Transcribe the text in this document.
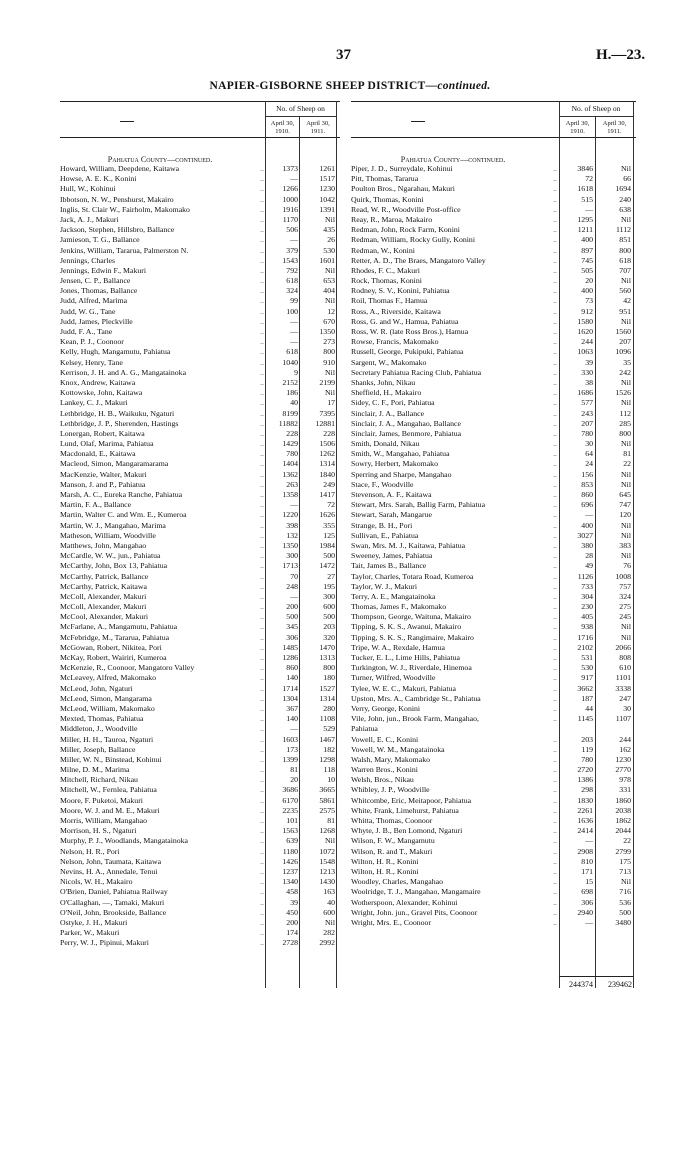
37	H.—23.
NAPIER-GISBORNE SHEEP DISTRICT—continued.
No. of Sheep on
April 30, 1910.
April 30, 1911.
Pahiatua County—continued.
Howard, William, Deepdene, Kaitawa	1373	1261
..
Howse, A. E. K., Konini	—	1517
..
Hull, W., Kohinui	1266	1230
..
Ibbotson, N. W., Penshurst, Makairo	1000	1042
..
Inglis, St. Clair W., Fairholm, Makomako	1916	1391
..
Jack, A. J., Makuri	1170	Nil
..
Jackson, Stephen, Hillsbro, Ballance	506	435
..
Jamieson, T. G., Ballance	—	26
..
Jenkins, William, Tararua, Palmerston N.	379	530
..
Jennings, Charles	1543	1601
..
Jennings, Edwin F., Makuri	792	Nil
..
Jensen, C. P., Ballance	618	653
..
Jones, Thomas, Ballance	324	404
..
Judd, Alfred, Marima	99	Nil
..
Judd, W. G., Tane	100	12
..
Judd, James, Pleckville	—	670
..
Judd, F. A., Tane	—	1350
..
Kean, P. J., Coonoor	—	273
..
Kelly, Hugh, Mangamutu, Pahiatua	618	800
..
Kelsey, Henry, Tane	1040	910
..
Kerrison, J. H. and A. G., Mangatainoka	9	Nil
..
Knox, Andrew, Kaitawa	2152	2199
..
Kottowske, John, Kaitawa	186	Nil
..
Lankey, C. J., Makuri	40	17
..
Lethbridge, H. B., Waikuku, Ngaturi	8199	7395
..
Lethbridge, J. P., Sherenden, Hastings	11882	12881
..
Lonergan, Robert, Kaitawa	228	228
..
Lund, Olaf, Marima, Pahiatua	1429	1506
..
Macdonald, E., Kaitawa	780	1262
..
Macleod, Simon, Mangaramarama	1404	1314
..
MacKenzie, Walter, Makuri	1362	1840
..
Manson, J. and P., Pahiatua	263	249
..
Marsh, A. C., Eureka Ranche, Pahiatua	1358	1417
..
Martin, F. A., Ballance	—	72
..
Martin, Walter C. and Wm. E., Kumeroa	1220	1626
..
Martin, W. J., Mangahao, Marima	398	355
..
Matheson, William, Woodville	132	125
..
Matthews, John, Mangahao	1350	1984
..
McCardle, W. W., jun., Pahiatua	300	500
..
McCarthy, John, Box 13, Pahiatua	1713	1472
..
McCarthy, Patrick, Ballance	70	27
..
McCarthy, Patrick, Kaitawa	248	195
..
McColl, Alexander, Makuri	—	300
..
McColl, Alexander, Makuri	200	600
..
McCool, Alexander, Makuri	500	500
..
McFarlane, A., Mangamutu, Pahiatua	345	203
..
McFebridge, M., Tararua, Pahiatua	306	320
..
McGowan, Robert, Nikitea, Pori	1485	1470
..
McKay, Robert, Wairiri, Kumeroa	1286	1313
..
McKenzie, R., Coonoor, Mangatoro Valley	860	800
..
McLeavey, Alfred, Makomako	140	180
..
McLeod, John, Ngaturi	1714	1527
..
McLeod, Simon, Mangarama	1304	1314
..
McLeod, William, Makomako	367	280
..
Mexted, Thomas, Pahiatua	140	1108
..
Middleton, J., Woodville	—	529
..
Miller, H. H., Tauroa, Ngaturi	1603	1467
..
Miller, Joseph, Ballance	173	182
..
Miller, W. N., Binstead, Kohinui	1399	1298
..
Milne, D. M., Marima	81	118
..
Mitchell, Richard, Nikau	20	10
..
Mitchell, W., Fernlea, Pahiatua	3686	3665
..
Moore, F. Puketoi, Makuri	6170	5861
..
Moore, W. J. and M. E., Makuri	2235	2575
..
Morris, William, Mangahao	101	81
..
Morrison, H. S., Ngaturi	1563	1268
..
Murphy, P. J., Woodlands, Mangatainoka	639	Nil
..
Nelson, H. R., Pori	1180	1072
..
Nelson, John, Taumata, Kaitawa	1426	1548
..
Nevins, H. A., Annedale, Tenui	1237	1213
..
Nicols, W. H., Makairo	1340	1430
..
O'Brien, Daniel, Pahiatua Railway	458	163
..
O'Callaghan, —, Tamaki, Makuri	39	40
..
O'Neil, John, Brookside, Ballance	450	600
..
Ostyke, J. H., Makuri	200	Nil
..
Parker, W., Makuri	174	282
..
Perry, W. J., Pipinui, Makuri	2728	2992
..
No. of Sheep on
April 30, 1910.
April 30, 1911.
Pahiatua County—continued.
Piper, J. D., Surreydale, Kohinui	3846	Nil
..
Pitt, Thomas, Tararua	72	66
..
Poulton Bros., Ngarahau, Makuri	1618	1694
..
Quirk, Thomas, Konini	515	240
..
Read, W. R., Woodville Post-office	—	638
..
Reay, R., Maroa, Makairo	1295	Nil
..
Redman, John, Rock Farm, Konini	1211	1112
..
Redman, William, Rocky Gully, Konini	400	851
..
Redman, W., Konini	897	800
..
Retter, A. D., The Braes, Mangatoro Valley	745	618
..
Rhodes, F. C., Makuri	505	707
..
Rock, Thomas, Konini	20	Nil
..
Rodney, S. V., Konini, Pahiatua	400	560
..
Roil, Thomas F., Hamua	73	42
..
Ross, A., Riverside, Kaitawa	912	951
..
Ross, G. and W., Hamua, Pahiatua	1580	Nil
..
Ross, W. R. (late Ross Bros.), Hamua	1620	1560
..
Rowse, Francis, Makomako	244	207
..
Russell, George, Pukipuki, Pahiatua	1063	1096
..
Sargent, W., Makomako	39	35
..
Secretary Pahiatua Racing Club, Pahiatua	330	242
..
Shanks, John, Nikau	38	Nil
..
Sheffield, H., Makairo	1686	1526
..
Sidey, C. F., Pori, Pahiatua	577	Nil
..
Sinclair, J. A., Ballance	243	112
..
Sinclair, J. A., Mangahao, Ballance	207	285
..
Sinclair, James, Benmore, Pahiatua	780	800
..
Smith, Donald, Nikau	30	Nil
..
Smith, W., Mangahao, Pahiatua	64	81
..
Sowry, Herbert, Makomako	24	22
..
Sperring and Sharpe, Mangahao	156	Nil
..
Stace, F., Woodville	853	Nil
..
Stevenson, A. F., Kaitawa	860	645
..
Stewart, Mrs. Sarah, Ballig Farm, Pahiatua	696	747
..
Stewart, Sarah, Mangarue	—	120
..
Strange, B. H., Pori	400	Nil
..
Sullivan, E., Pahiatua	3027	Nil
..
Swan, Mrs. M. J., Kaitawa, Pahiatua	380	383
..
Sweeney, James, Pahiatua	28	Nil
..
Tait, James B., Ballance	49	76
..
Taylor, Charles, Totara Road, Kumeroa	1126	1008
..
Taylor, W. J., Makuri	733	757
..
Terry, A. E., Mangatainoka	304	324
..
Thomas, James F., Makomako	230	275
..
Thompson, George, Waituna, Makairo	405	245
..
Tipping, S. K. S., Awanui, Makairo	938	Nil
..
Tipping, S. K. S., Rangimaire, Makairo	1716	Nil
..
Tripe, W. A., Rexdale, Hamua	2102	2066
..
Tucker, E. L., Lime Hills, Pahiatua	531	808
..
Turkington, W. J., Riverdale, Hinemoa	530	610
..
Turner, Wilfred, Woodville	917	1101
..
Tylee, W. E. C., Makuri, Pahiatua	3662	3338
..
Upston, Mrs. A., Cambridge St., Pahiatua	187	247
..
Verry, George, Konini	44	30
..
Vile, John, jun., Brook Farm, Mangahao,	1145	1107
..
Pahiatua
Vowell, E. C., Konini	203	244
..
Vowell, W. M., Mangatainoka	119	162
..
Walsh, Mary, Makomako	780	1230
..
Warren Bros., Konini	2720	2770
..
Welsh, Bros., Nikau	1386	978
..
Whibley, J. P., Woodville	298	331
..
Whitcombe, Eric, Meitapoor, Pahiatua	1830	1860
..
White, Frank, Limehurst, Pahiatua	2261	2038
..
Whitta, Thomas, Coonoor	1636	1862
..
Whyte, J. B., Ben Lomond, Ngaturi	2414	2044
..
Wilson, F. W., Mangamutu	—	22
..
Wilson, R. and T., Makuri	2908	2799
..
Wilton, H. R., Konini	810	175
..
Wilton, H. R., Konini	171	713
..
Woodley, Charles, Mangahao	15	Nil
..
Woolridge, T. J., Mangahao, Mangamaire	698	716
..
Wotherspoon, Alexander, Kohinui	306	536
..
Wright, John. jun., Gravel Pits, Coonoor	2940	500
..
Wright, Mrs. E., Coonoor	—	3480
..
244374	239462
